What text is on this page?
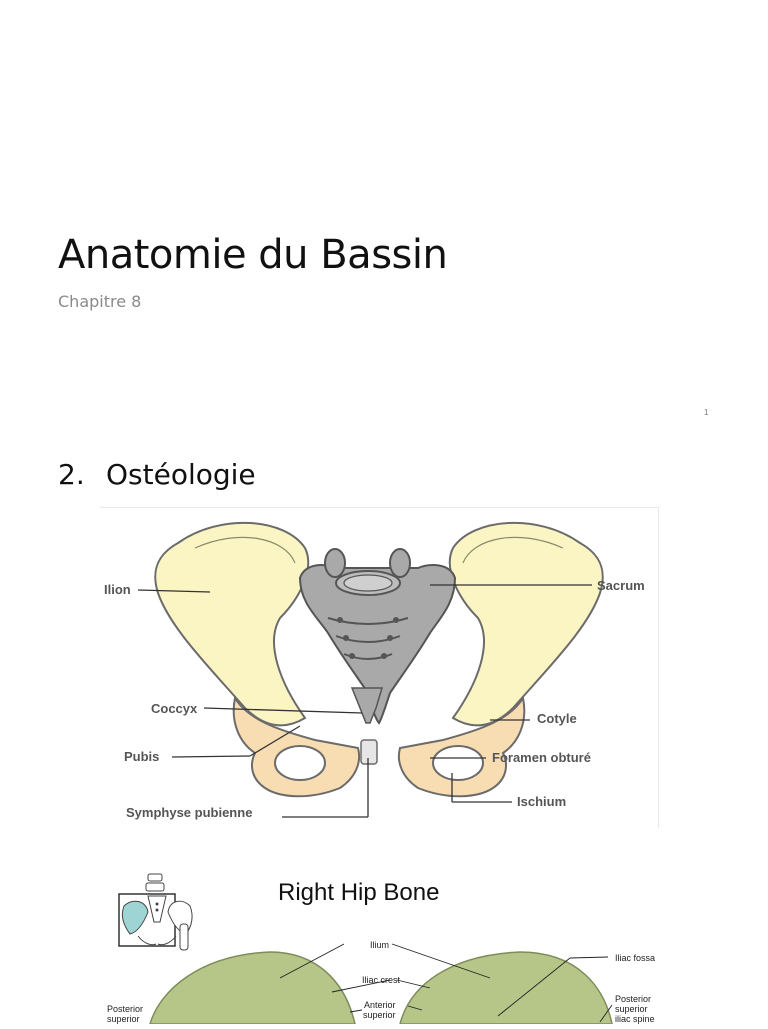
Anatomie du Bassin
Chapitre 8
1
2. Ostéologie
Ilion	Sacrum
Coccyx
Cotyle
Pubis	Foramen obturé
Symphyse pubienne
Ischium
Right Hip Bone
Ilium
Iliac crest
Anterior
superior
Iliac fossa
Posterior
superior
Posterior
superior
iliac spine
